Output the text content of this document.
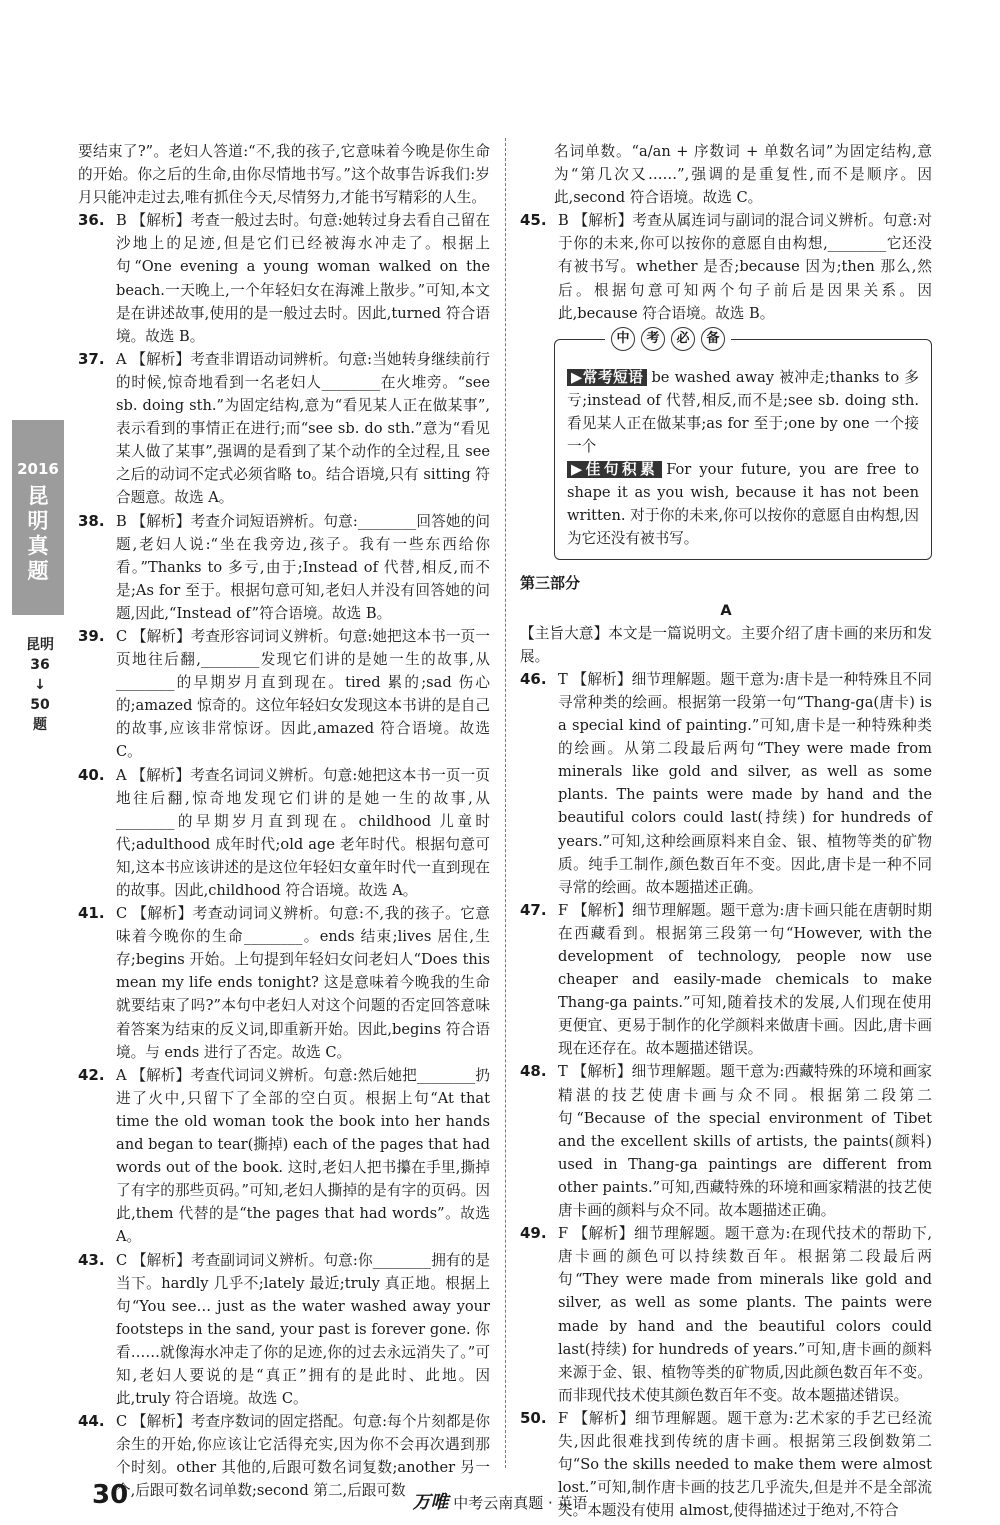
2016
昆
明
真
题
昆明
36
↓
50
题

要结束了?”。老妇人答道:“不,我的孩子,它意味着今晚是你生命的开始。你之后的生命,由你尽情地书写。”这个故事告诉我们:岁月只能冲走过去,唯有抓住今天,尽情努力,才能书写精彩的人生。

36. B 【解析】考查一般过去时。句意:她转过身去看自己留在沙地上的足迹,但是它们已经被海水冲走了。根据上句“One evening a young woman walked on the beach.一天晚上,一个年轻妇女在海滩上散步。”可知,本文是在讲述故事,使用的是一般过去时。因此,turned 符合语境。故选 B。
37. A 【解析】考查非谓语动词辨析。句意:当她转身继续前行的时候,惊奇地看到一名老妇人________在火堆旁。“see sb. doing sth.”为固定结构,意为“看见某人正在做某事”,表示看到的事情正在进行;而“see sb. do sth.”意为“看见某人做了某事”,强调的是看到了某个动作的全过程,且 see 之后的动词不定式必须省略 to。结合语境,只有 sitting 符合题意。故选 A。
38. B 【解析】考查介词短语辨析。句意:________回答她的问题,老妇人说:“坐在我旁边,孩子。我有一些东西给你看。”Thanks to 多亏,由于;Instead of 代替,相反,而不是;As for 至于。根据句意可知,老妇人并没有回答她的问题,因此,“Instead of”符合语境。故选 B。
39. C 【解析】考查形容词词义辨析。句意:她把这本书一页一页地往后翻,________发现它们讲的是她一生的故事,从________的早期岁月直到现在。tired 累的;sad 伤心的;amazed 惊奇的。这位年轻妇女发现这本书讲的是自己的故事,应该非常惊讶。因此,amazed 符合语境。故选 C。
40. A 【解析】考查名词词义辨析。句意:她把这本书一页一页地往后翻,惊奇地发现它们讲的是她一生的故事,从________的早期岁月直到现在。childhood 儿童时代;adulthood 成年时代;old age 老年时代。根据句意可知,这本书应该讲述的是这位年轻妇女童年时代一直到现在的故事。因此,childhood 符合语境。故选 A。
41. C 【解析】考查动词词义辨析。句意:不,我的孩子。它意味着今晚你的生命________。ends 结束;lives 居住,生存;begins 开始。上句提到年轻妇女问老妇人“Does this mean my life ends tonight? 这是意味着今晚我的生命就要结束了吗?”本句中老妇人对这个问题的否定回答意味着答案为结束的反义词,即重新开始。因此,begins 符合语境。与 ends 进行了否定。故选 C。
42. A 【解析】考查代词词义辨析。句意:然后她把________扔进了火中,只留下了全部的空白页。根据上句“At that time the old woman took the book into her hands and began to tear(撕掉) each of the pages that had words out of the book. 这时,老妇人把书攥在手里,撕掉了有字的那些页码。”可知,老妇人撕掉的是有字的页码。因此,them 代替的是“the pages that had words”。故选 A。
43. C 【解析】考查副词词义辨析。句意:你________拥有的是当下。hardly 几乎不;lately 最近;truly 真正地。根据上句“You see… just as the water washed away your footsteps in the sand, your past is forever gone. 你看……就像海水冲走了你的足迹,你的过去永远消失了。”可知,老妇人要说的是“真正”拥有的是此时、此地。因此,truly 符合语境。故选 C。
44. C 【解析】考查序数词的固定搭配。句意:每个片刻都是你余生的开始,你应该让它活得充实,因为你不会再次遇到那个时刻。other 其他的,后跟可数名词复数;another 另一个,后跟可数名词单数;second 第二,后跟可数

名词单数。“a/an + 序数词 + 单数名词”为固定结构,意为“第几次又……”,强调的是重复性,而不是顺序。因此,second 符合语境。故选 C。

45. B 【解析】考查从属连词与副词的混合词义辨析。句意:对于你的未来,你可以按你的意愿自由构想,________它还没有被书写。whether 是否;because 因为;then 那么,然后。根据句意可知两个句子前后是因果关系。因此,because 符合语境。故选 B。
中	考	必	备

▶常考短语 be washed away 被冲走;thanks to 多亏;instead of 代替,相反,而不是;see sb. doing sth. 看见某人正在做某事;as for 至于;one by one 一个接一个

▶佳句积累 For your future, you are free to shape it as you wish, because it has not been written. 对于你的未来,你可以按你的意愿自由构想,因为它还没有被书写。

第三部分
A

【主旨大意】本文是一篇说明文。主要介绍了唐卡画的来历和发展。

46. T 【解析】细节理解题。题干意为:唐卡是一种特殊且不同寻常种类的绘画。根据第一段第一句“Thang-ga(唐卡) is a special kind of painting.”可知,唐卡是一种特殊种类的绘画。从第二段最后两句“They were made from minerals like gold and silver, as well as some plants. The paints were made by hand and the beautiful colors could last(持续) for hundreds of years.”可知,这种绘画原料来自金、银、植物等类的矿物质。纯手工制作,颜色数百年不变。因此,唐卡是一种不同寻常的绘画。故本题描述正确。
47. F 【解析】细节理解题。题干意为:唐卡画只能在唐朝时期在西藏看到。根据第三段第一句“However, with the development of technology, people now use cheaper and easily-made chemicals to make Thang-ga paints.”可知,随着技术的发展,人们现在使用更便宜、更易于制作的化学颜料来做唐卡画。因此,唐卡画现在还存在。故本题描述错误。
48. T 【解析】细节理解题。题干意为:西藏特殊的环境和画家精湛的技艺使唐卡画与众不同。根据第二段第二句“Because of the special environment of Tibet and the excellent skills of artists, the paints(颜料) used in Thang-ga paintings are different from other paints.”可知,西藏特殊的环境和画家精湛的技艺使唐卡画的颜料与众不同。故本题描述正确。
49. F 【解析】细节理解题。题干意为:在现代技术的帮助下,唐卡画的颜色可以持续数百年。根据第二段最后两句“They were made from minerals like gold and silver, as well as some plants. The paints were made by hand and the beautiful colors could last(持续) for hundreds of years.”可知,唐卡画的颜料来源于金、银、植物等类的矿物质,因此颜色数百年不变。而非现代技术使其颜色数百年不变。故本题描述错误。
50. F 【解析】细节理解题。题干意为:艺术家的手艺已经流失,因此很难找到传统的唐卡画。根据第三段倒数第二句“So the skills needed to make them were almost lost.”可知,制作唐卡画的技艺几乎流失,但是并不是全部流失。本题没有使用 almost,使得描述过于绝对,不符合
30	万唯 中考云南真题 · 英语
